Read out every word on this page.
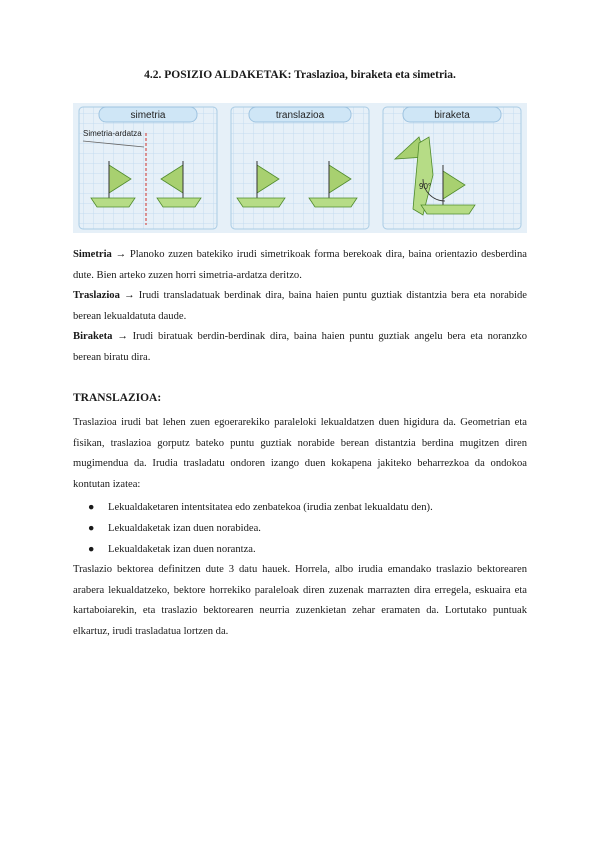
4.2. POSIZIO ALDAKETAK: Traslazioa, biraketa eta simetria.
simetria
Simetria-ardatza
translazioa	biraketa
90°

Simetria → Planoko zuzen batekiko irudi simetrikoak forma berekoak dira, baina orientazio desberdina dute. Bien arteko zuzen horri simetria-ardatza deritzo.
Traslazioa → Irudi transladatuak berdinak dira, baina haien puntu guztiak distantzia bera eta norabide berean lekualdatuta daude.
Biraketa → Irudi biratuak berdin-berdinak dira, baina haien puntu guztiak angelu bera eta noranzko berean biratu dira.

TRANSLAZIOA:

Traslazioa irudi bat lehen zuen egoerarekiko paraleloki lekualdatzen duen higidura da. Geometrian eta fisikan, traslazioa gorputz bateko puntu guztiak norabide berean distantzia berdina mugitzen diren mugimendua da. Irudia trasladatu ondoren izango duen kokapena jakiteko beharrezkoa da ondokoa kontutan izatea:

● Lekualdaketaren intentsitatea edo zenbatekoa (irudia zenbat lekualdatu den).
● Lekualdaketak izan duen norabidea.
● Lekualdaketak izan duen norantza.

Traslazio bektorea definitzen dute 3 datu hauek. Horrela, albo irudia emandako traslazio bektorearen arabera lekualdatzeko, bektore horrekiko paraleloak diren zuzenak marrazten dira erregela, eskuaira eta kartaboiarekin, eta traslazio bektorearen neurria zuzenkietan zehar eramaten da. Lortutako puntuak elkartuz, irudi trasladatua lortzen da.
